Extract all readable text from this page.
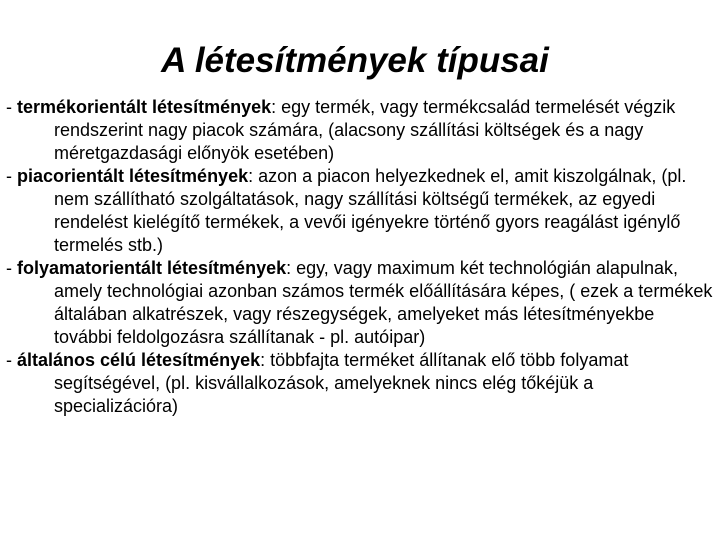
A létesítmények típusai

- termékorientált létesítmények: egy termék, vagy termékcsalád termelését végzik rendszerint nagy piacok számára, (alacsony szállítási költségek és a nagy méretgazdasági előnyök esetében)

- piacorientált létesítmények: azon a piacon helyezkednek el, amit kiszolgálnak, (pl. nem szállítható szolgáltatások, nagy szállítási költségű termékek, az egyedi rendelést kielégítő termékek, a vevői igényekre történő gyors reagálást igénylő termelés stb.)

- folyamatorientált létesítmények: egy, vagy maximum két technológián alapulnak, amely technológiai azonban számos termék előállítására képes, ( ezek a termékek általában alkatrészek, vagy részegységek, amelyeket más létesítményekbe további feldolgozásra szállítanak - pl. autóipar)

- általános célú létesítmények: többfajta terméket állítanak elő több folyamat segítségével, (pl. kisvállalkozások, amelyeknek nincs elég tőkéjük a specializációra)
